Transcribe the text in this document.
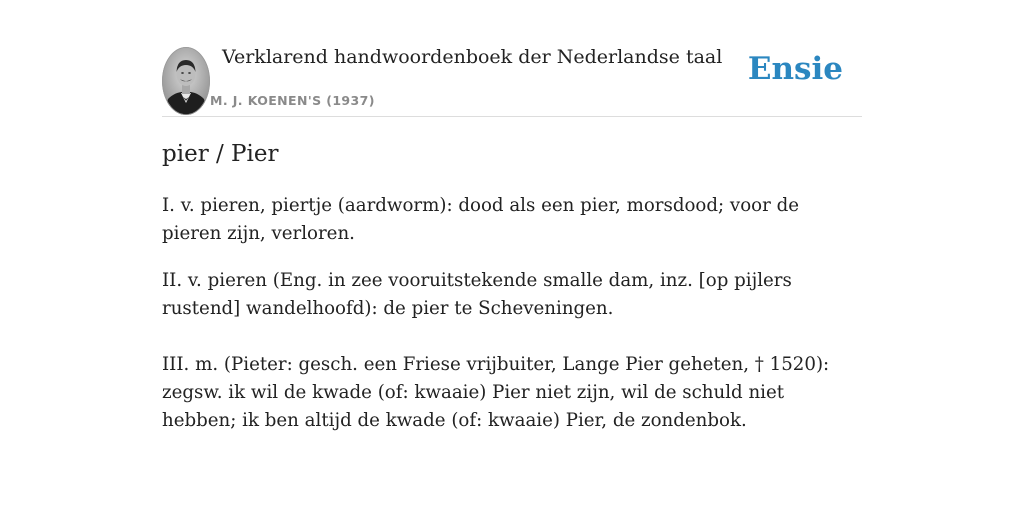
Verklarend handwoordenboek der Nederlandse taal
M. J. KOENEN'S (1937)
Ensie
pier / Pier

I. v. pieren, piertje (aardworm): dood als een pier, morsdood; voor de pieren zijn, verloren.

II. v. pieren (Eng. in zee vooruitstekende smalle dam, inz. [op pijlers rustend] wandelhoofd): de pier te Scheveningen.

III. m. (Pieter: gesch. een Friese vrijbuiter, Lange Pier geheten, † 1520): zegsw. ik wil de kwade (of: kwaaie) Pier niet zijn, wil de schuld niet hebben; ik ben altijd de kwade (of: kwaaie) Pier, de zondenbok.
